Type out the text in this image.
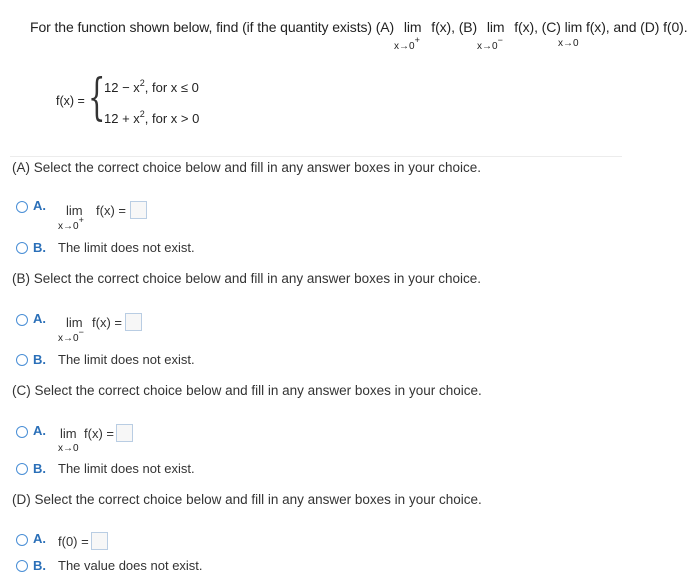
For the function shown below, find (if the quantity exists) (A) lim f(x), (B) lim f(x), (C) lim f(x), and (D) f(0).
x→0+
x→0−	x→0
f(x) = {
$12 - x^2$, for x ≤ 0
$12 + x^2$, for x > 0
(A) Select the correct choice below and fill in any answer boxes in your choice.
A. lim f(x) =
x→0+
B. The limit does not exist.
(B) Select the correct choice below and fill in any answer boxes in your choice.
A. lim f(x) =
x→0−
B. The limit does not exist.
(C) Select the correct choice below and fill in any answer boxes in your choice.
A. lim f(x) =
x→0
B. The limit does not exist.
(D) Select the correct choice below and fill in any answer boxes in your choice.
A. f(0) =
B. The value does not exist.
